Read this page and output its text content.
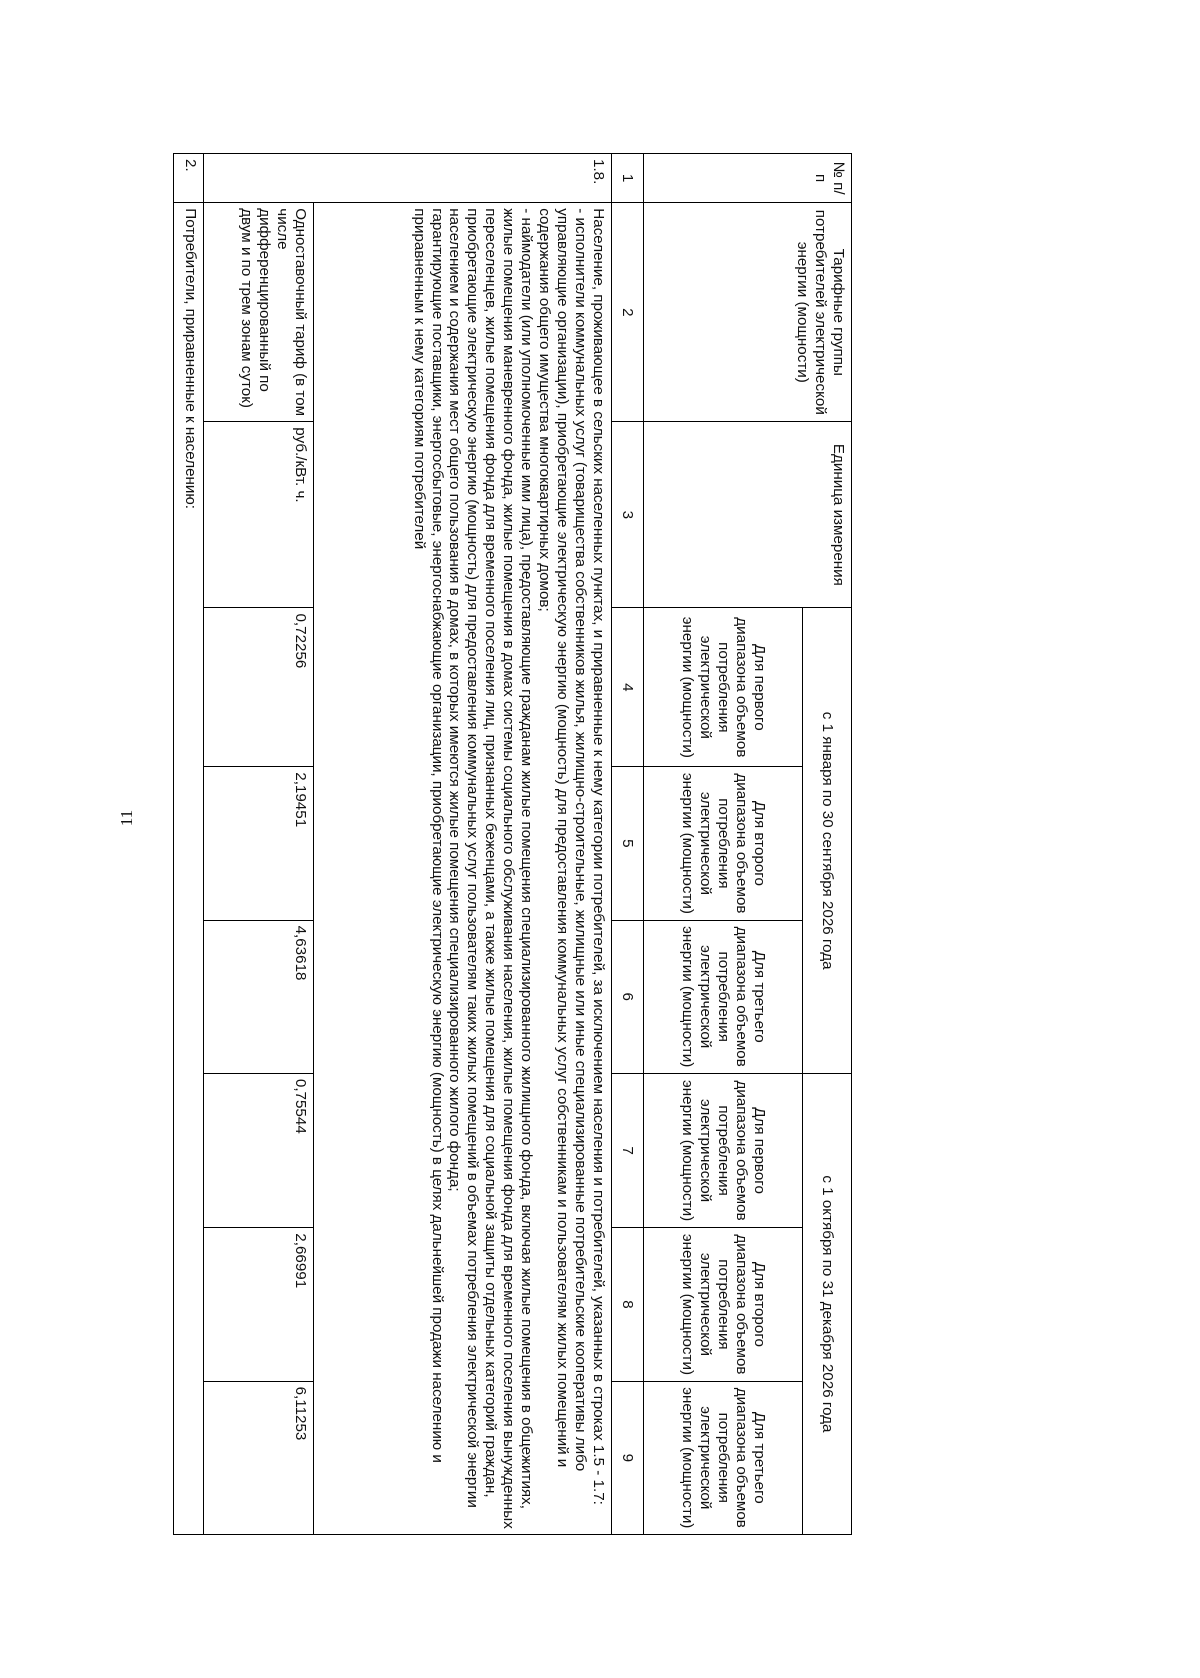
11
№ п/п	Тарифные группы потребителей электрической энергии (мощности)	Единица измерения	с 1 января по 30 сентября 2026 года			с 1 октября по 31 декабря 2026 года		
			Для первого диапазона объемов потребления электрической энергии (мощности)	Для второго диапазона объемов потребления электрической энергии (мощности)	Для третьего диапазона объемов потребления электрической энергии (мощности)	Для первого диапазона объемов потребления электрической энергии (мощности)	Для второго диапазона объемов потребления электрической энергии (мощности)	Для третьего диапазона объемов потребления электрической энергии (мощности)
1	2	3	4	5	6	7	8	9
1.8.	Население, проживающее в сельских населенных пунктах, и приравненные к нему категории потребителей, за исключением населения и потребителей, указанных в строках 1.5 - 1.7:

- исполнители коммунальных услуг (товарищества собственников жилья, жилищно-строительные, жилищные или иные специализированные потребительские кооперативы либо управляющие организации), приобретающие электрическую энергию (мощность) для предоставления коммунальных услуг собственникам и пользователям жилых помещений и содержания общего имущества многоквартирных домов;

- наймодатели (или уполномоченные ими лица), предоставляющие гражданам жилые помещения специализированного жилищного фонда, включая жилые помещения в общежитиях, жилые помещения маневренного фонда, жилые помещения в домах системы социального обслуживания населения, жилые помещения фонда для временного поселения вынужденных переселенцев, жилые помещения фонда для временного поселения лиц, признанных беженцами, а также жилые помещения для социальной защиты отдельных категорий граждан, приобретающие электрическую энергию (мощность) для предоставления коммунальных услуг пользователям таких жилых помещений в объемах потребления электрической энергии населением и содержания мест общего пользования в домах, в которых имеются жилые помещения специализированного жилого фонда;

гарантирующие поставщики, энергосбытовые, энергоснабжающие организации, приобретающие электрическую энергию (мощность) в целях дальнейшей продажи населению и приравненным к нему категориям потребителей							

	Одноставочный тариф (в том числе дифференцированный по двум и по трем зонам суток)	руб./кВт. ч.	0,72256	2,19451	4,63618	0,75544	2,66991	6,11253
2.	Потребители, приравненные к населению:							
